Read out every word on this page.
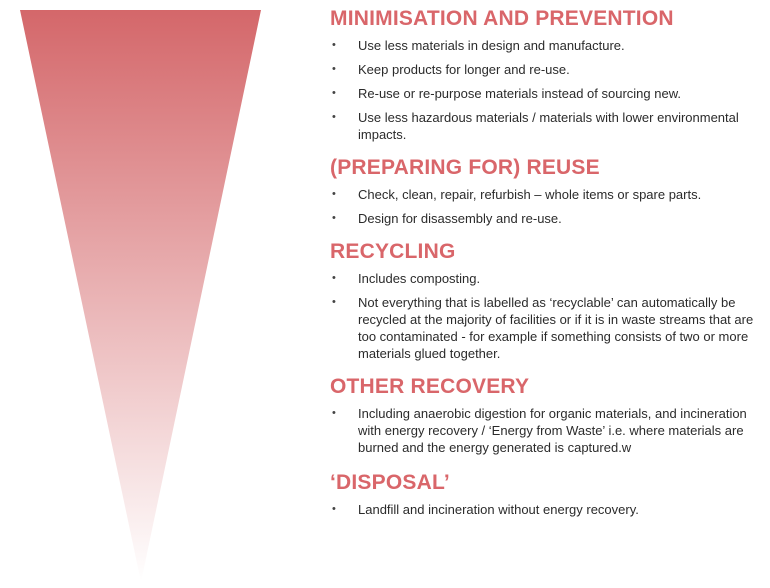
MINIMISATION AND PREVENTION
• Use less materials in design and manufacture.
• Keep products for longer and re-use.
• Re-use or re-purpose materials instead of sourcing new.
• Use less hazardous materials / materials with lower environmental impacts.
(PREPARING FOR) REUSE
• Check, clean, repair, refurbish – whole items or spare parts.
• Design for disassembly and re-use.
RECYCLING
• Includes composting.
• Not everything that is labelled as ‘recyclable’ can automatically be recycled at the majority of facilities or if it is in waste streams that are too contaminated - for example if something consists of two or more materials glued together.
OTHER RECOVERY
• Including anaerobic digestion for organic materials, and incineration with energy recovery / ‘Energy from Waste’ i.e. where materials are burned and the energy generated is captured.w
‘DISPOSAL’
• Landfill and incineration without energy recovery.
